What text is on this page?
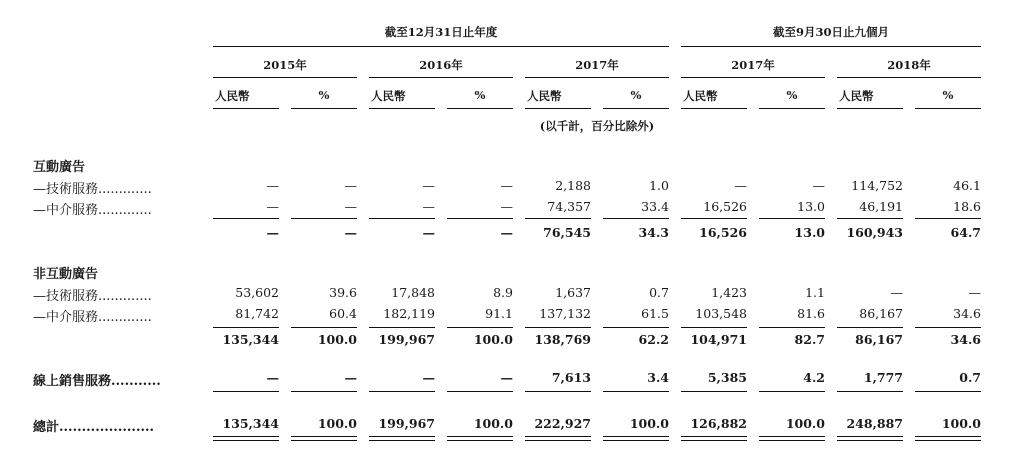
截至12月31日止年度	截至9月30日止九個月
2015年	2016年	2017年	2017年	2018年
人民幣	%	人民幣	%	人民幣	%	人民幣	%	人民幣	%
(以千計，百分比除外)
互動廣告
—技術服務.............	—	—	—	—	2,188	1.0	—	—	114,752	46.1
—中介服務.............	—	—	—	—	74,357	33.4	16,526	13.0	46,191	18.6
—	—	—	—	76,545	34.3	16,526	13.0	160,943	64.7
非互動廣告
—技術服務.............	53,602	39.6	17,848	8.9	1,637	0.7	1,423	1.1	—	—
—中介服務.............	81,742	60.4	182,119	91.1	137,132	61.5	103,548	81.6	86,167	34.6
135,344	100.0	199,967	100.0	138,769	62.2	104,971	82.7	86,167	34.6
線上銷售服務...........	—	—	—	—	7,613	3.4	5,385	4.2	1,777	0.7
總計.....................	135,344	100.0	199,967	100.0	222,927	100.0	126,882	100.0	248,887	100.0
